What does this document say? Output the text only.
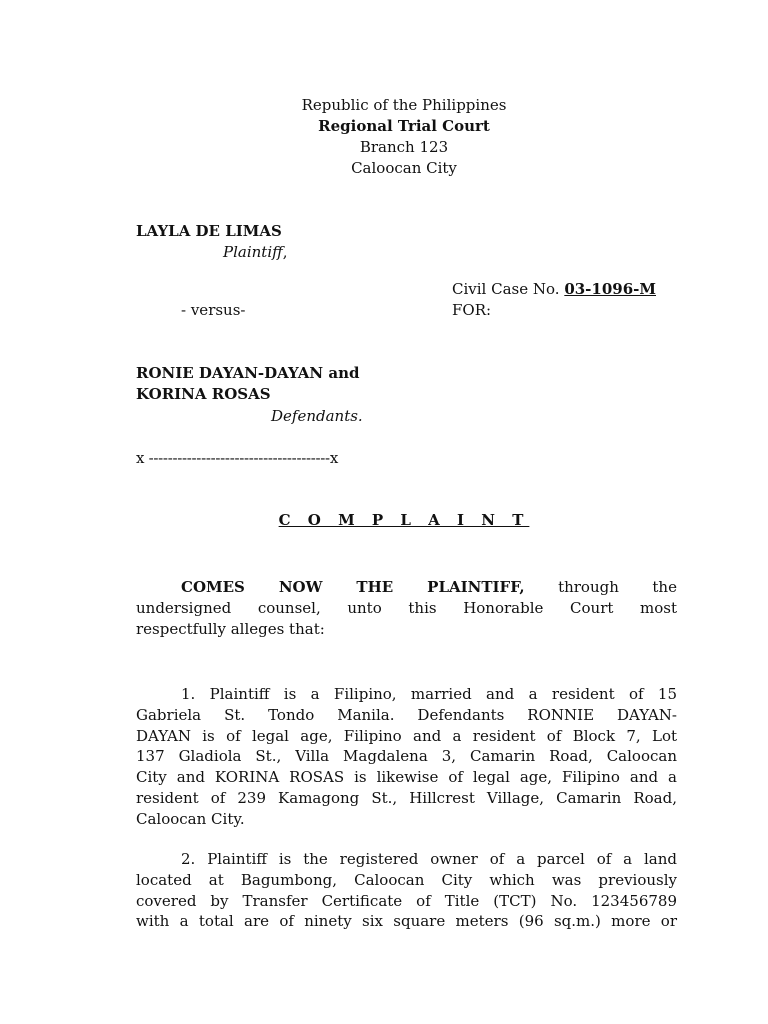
Republic of the Philippines
Regional Trial Court
Branch 123
Caloocan City
LAYLA DE LIMAS
Plaintiff,
Civil Case No. 03-1096-M
- versus-	FOR:
RONIE DAYAN-DAYAN and
KORINA ROSAS
Defendants.
x --------------------------------------x
C O M P L A I N T
COMES NOW THE PLAINTIFF, through the
undersigned counsel, unto this Honorable Court most
respectfully alleges that:
1. Plaintiff is a Filipino, married and a resident of 15
Gabriela St. Tondo Manila. Defendants RONNIE DAYAN-
DAYAN is of legal age, Filipino and a resident of Block 7, Lot
137 Gladiola St., Villa Magdalena 3, Camarin Road, Caloocan
City and KORINA ROSAS is likewise of legal age, Filipino and a
resident of 239 Kamagong St., Hillcrest Village, Camarin Road,
Caloocan City.
2. Plaintiff is the registered owner of a parcel of a land
located at Bagumbong, Caloocan City which was previously
covered by Transfer Certificate of Title (TCT) No. 123456789
with a total are of ninety six square meters (96 sq.m.) more or
